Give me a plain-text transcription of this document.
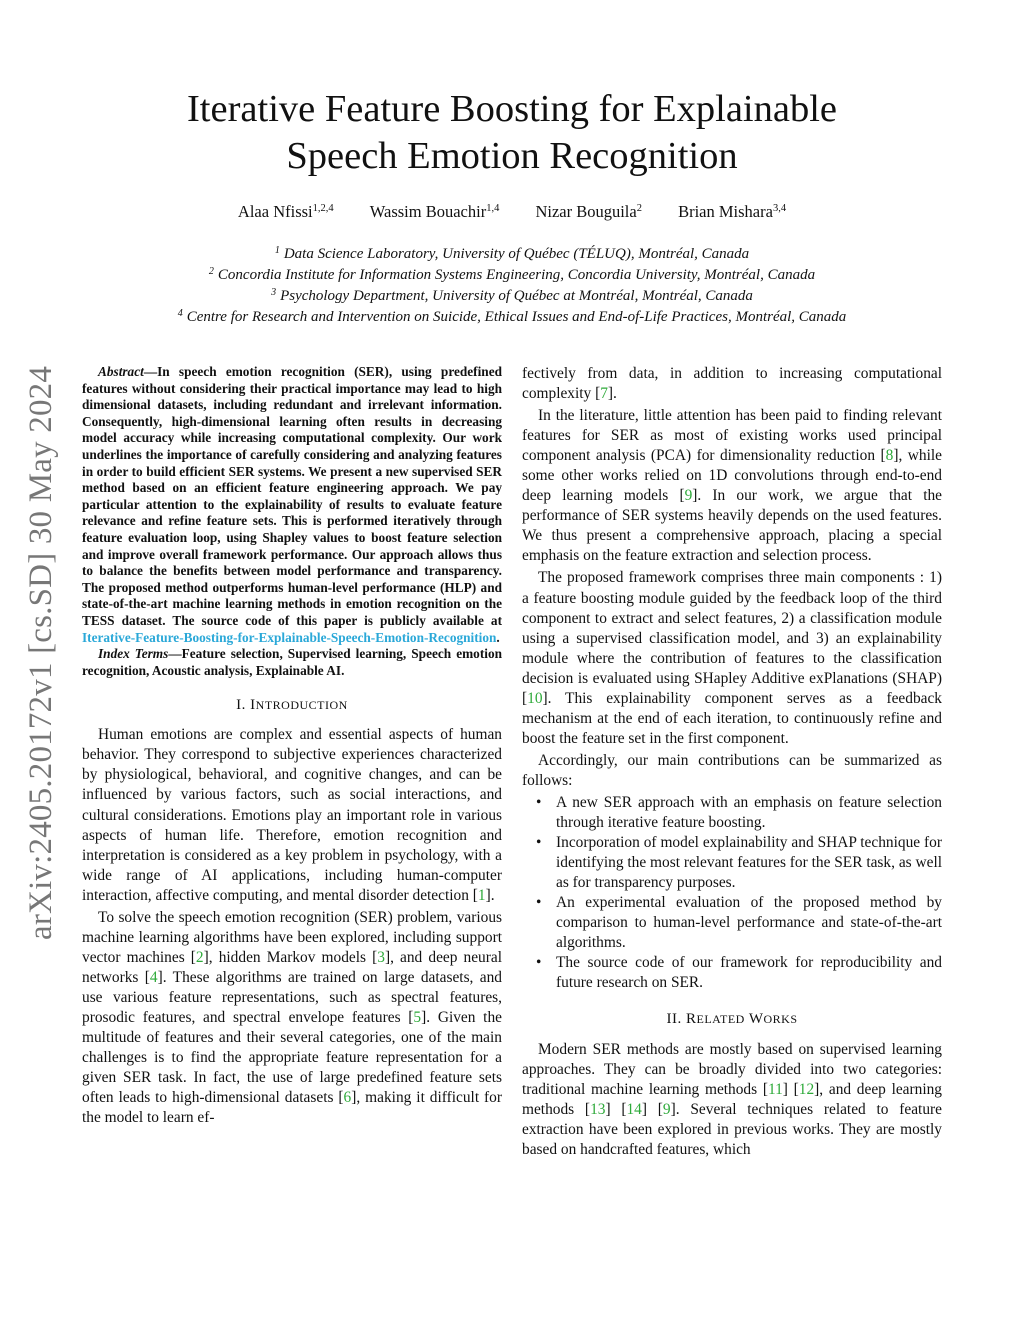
arXiv:2405.20172v1 [cs.SD] 30 May 2024
Iterative Feature Boosting for Explainable
Speech Emotion Recognition
Alaa Nfissi$^{1,2,4}$ Wassim Bouachir$^{1,4}$ Nizar Bouguila$^2$ Brian Mishara$^{3,4}$
$^1$ Data Science Laboratory, University of Québec (TÉLUQ), Montréal, Canada
$^2$ Concordia Institute for Information Systems Engineering, Concordia University, Montréal, Canada
$^3$ Psychology Department, University of Québec at Montréal, Montréal, Canada
$^4$ Centre for Research and Intervention on Suicide, Ethical Issues and End-of-Life Practices, Montréal, Canada

Abstract—In speech emotion recognition (SER), using predefined features without considering their practical importance may lead to high dimensional datasets, including redundant and irrelevant information. Consequently, high-dimensional learning often results in decreasing model accuracy while increasing computational complexity. Our work underlines the importance of carefully considering and analyzing features in order to build efficient SER systems. We present a new supervised SER method based on an efficient feature engineering approach. We pay particular attention to the explainability of results to evaluate feature relevance and refine feature sets. This is performed iteratively through feature evaluation loop, using Shapley values to boost feature selection and improve overall framework performance. Our approach allows thus to balance the benefits between model performance and transparency. The proposed method outperforms human-level performance (HLP) and state-of-the-art machine learning methods in emotion recognition on the TESS dataset. The source code of this paper is publicly available at Iterative-Feature-Boosting-for-Explainable-Speech-Emotion-Recognition.

Index Terms—Feature selection, Supervised learning, Speech emotion recognition, Acoustic analysis, Explainable AI.

I. INTRODUCTION

Human emotions are complex and essential aspects of human behavior. They correspond to subjective experiences characterized by physiological, behavioral, and cognitive changes, and can be influenced by various factors, such as social interactions, and cultural considerations. Emotions play an important role in various aspects of human life. Therefore, emotion recognition and interpretation is considered as a key problem in psychology, with a wide range of AI applications, including human-computer interaction, affective computing, and mental disorder detection [1].

To solve the speech emotion recognition (SER) problem, various machine learning algorithms have been explored, including support vector machines [2], hidden Markov models [3], and deep neural networks [4]. These algorithms are trained on large datasets, and use various feature representations, such as spectral features, prosodic features, and spectral envelope features [5]. Given the multitude of features and their several categories, one of the main challenges is to find the appropriate feature representation for a given SER task. In fact, the use of large predefined feature sets often leads to high-dimensional datasets [6], making it difficult for the model to learn ef-

fectively from data, in addition to increasing computational complexity [7].

In the literature, little attention has been paid to finding relevant features for SER as most of existing works used principal component analysis (PCA) for dimensionality reduction [8], while some other works relied on 1D convolutions through end-to-end deep learning models [9]. In our work, we argue that the performance of SER systems heavily depends on the used features. We thus present a comprehensive approach, placing a special emphasis on the feature extraction and selection process.

The proposed framework comprises three main components : 1) a feature boosting module guided by the feedback loop of the third component to extract and select features, 2) a classification module using a supervised classification model, and 3) an explainability module where the contribution of features to the classification decision is evaluated using SHapley Additive exPlanations (SHAP) [10]. This explainability component serves as a feedback mechanism at the end of each iteration, to continuously refine and boost the feature set in the first component.

Accordingly, our main contributions can be summarized as follows:

• A new SER approach with an emphasis on feature selection through iterative feature boosting.
• Incorporation of model explainability and SHAP technique for identifying the most relevant features for the SER task, as well as for transparency purposes.
• An experimental evaluation of the proposed method by comparison to human-level performance and state-of-the-art algorithms.
• The source code of our framework for reproducibility and future research on SER.
II. RELATED WORKS

Modern SER methods are mostly based on supervised learning approaches. They can be broadly divided into two categories: traditional machine learning methods [11] [12], and deep learning methods [13] [14] [9]. Several techniques related to feature extraction have been explored in previous works. They are mostly based on handcrafted features, which
